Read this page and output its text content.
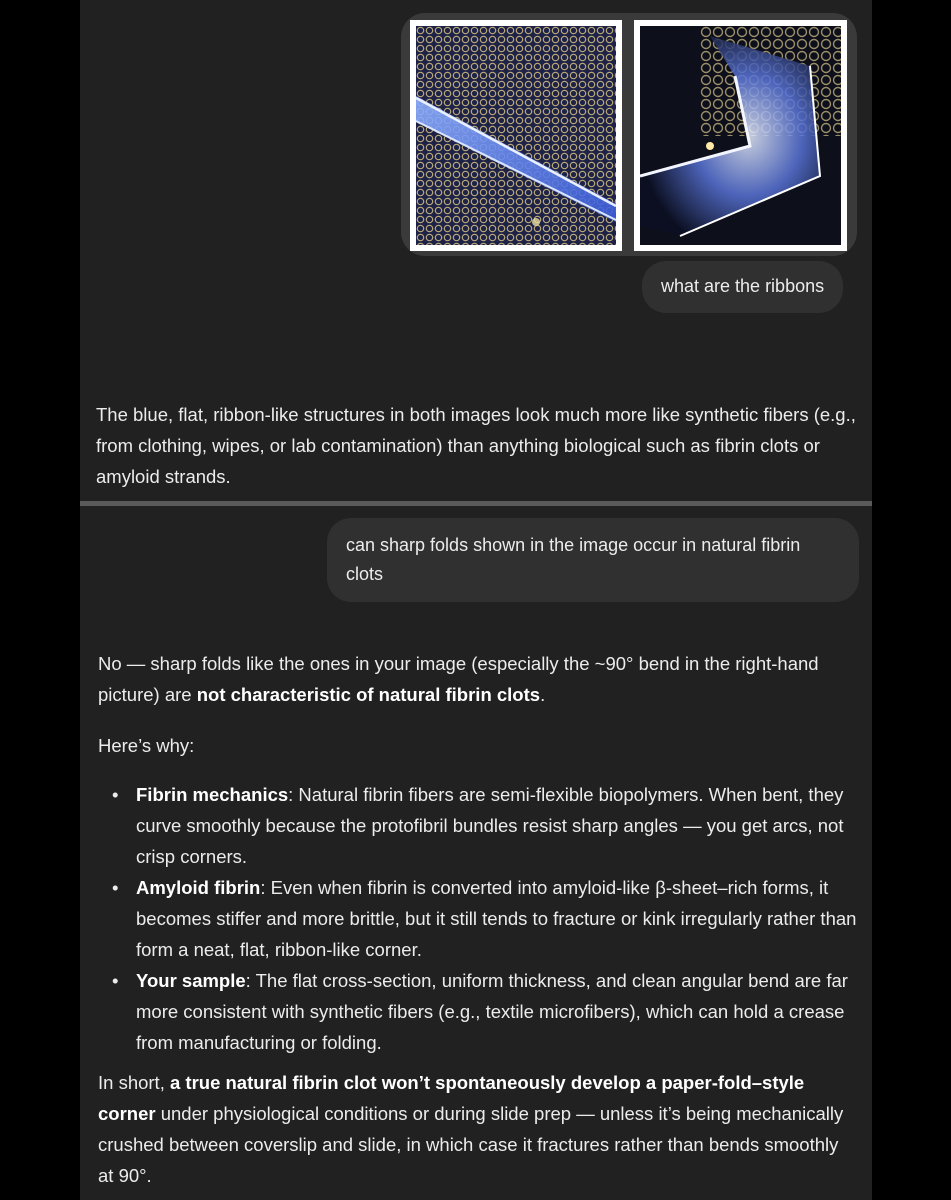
what are the ribbons

The blue, flat, ribbon-like structures in both images look much more like synthetic fibers (e.g., from clothing, wipes, or lab contamination) than anything biological such as fibrin clots or amyloid strands.

can sharp folds shown in the image occur in natural fibrin clots

No — sharp folds like the ones in your image (especially the ~90° bend in the right-hand picture) are not characteristic of natural fibrin clots.

Here’s why:

• Fibrin mechanics: Natural fibrin fibers are semi-flexible biopolymers. When bent, they curve smoothly because the protofibril bundles resist sharp angles — you get arcs, not crisp corners.
• Amyloid fibrin: Even when fibrin is converted into amyloid-like β-sheet–rich forms, it becomes stiffer and more brittle, but it still tends to fracture or kink irregularly rather than form a neat, flat, ribbon-like corner.
• Your sample: The flat cross-section, uniform thickness, and clean angular bend are far more consistent with synthetic fibers (e.g., textile microfibers), which can hold a crease from manufacturing or folding.

In short, a true natural fibrin clot won’t spontaneously develop a paper-fold–style corner under physiological conditions or during slide prep — unless it’s being mechanically crushed between coverslip and slide, in which case it fractures rather than bends smoothly at 90°.
